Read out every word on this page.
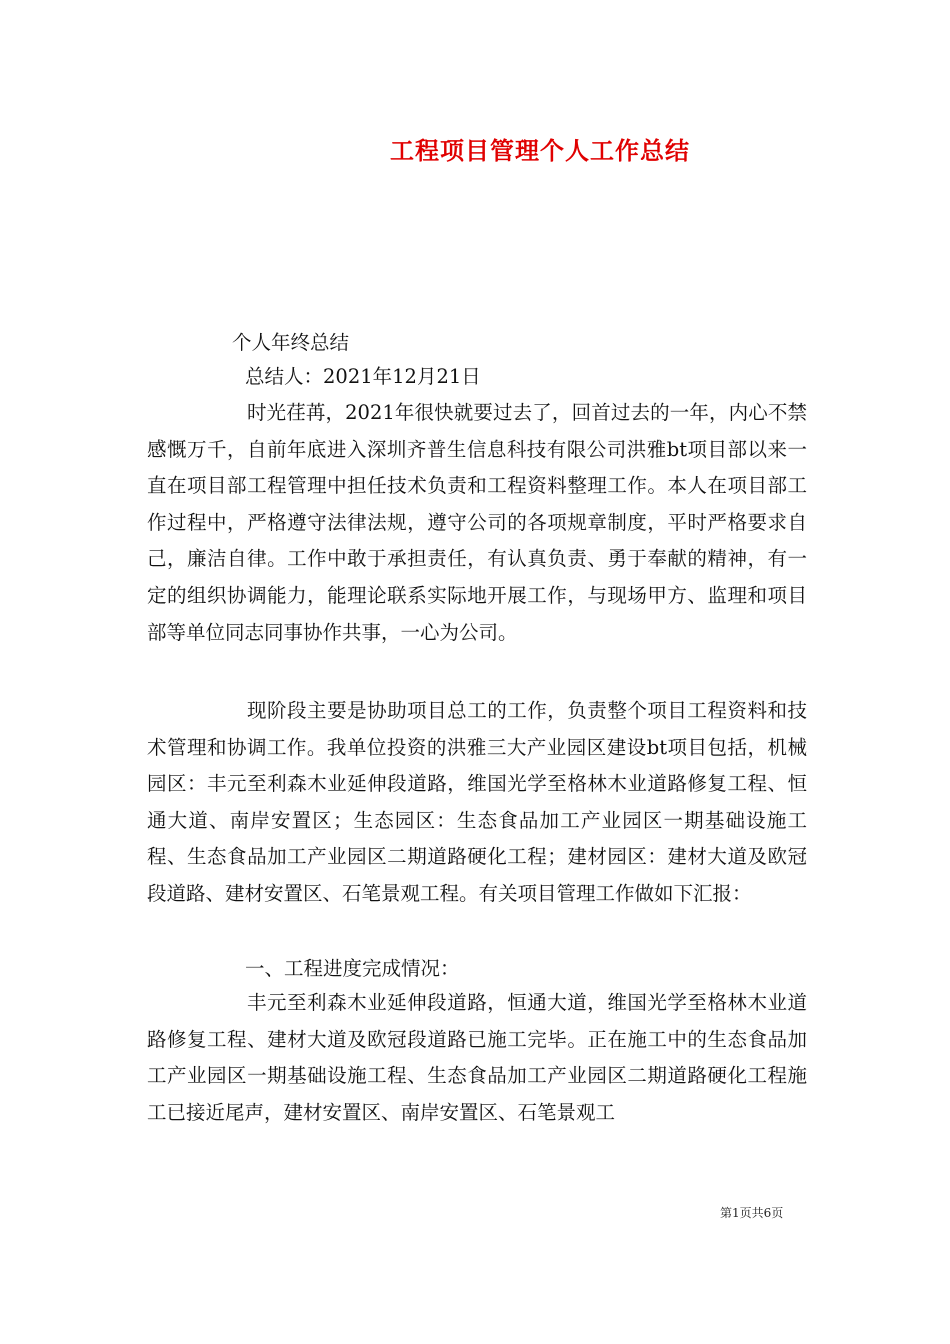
工程项目管理个人工作总结
个人年终总结
总结人：2021年12月21日
时光荏苒，2021年很快就要过去了，回首过去的一年，内心不禁感慨万千，自前年底进入深圳齐普生信息科技有限公司洪雅bt项目部以来一直在项目部工程管理中担任技术负责和工程资料整理工作。本人在项目部工作过程中，严格遵守法律法规，遵守公司的各项规章制度，平时严格要求自己，廉洁自律。工作中敢于承担责任，有认真负责、勇于奉献的精神，有一定的组织协调能力，能理论联系实际地开展工作，与现场甲方、监理和项目部等单位同志同事协作共事，一心为公司。
现阶段主要是协助项目总工的工作，负责整个项目工程资料和技术管理和协调工作。我单位投资的洪雅三大产业园区建设bt项目包括，机械园区：丰元至利森木业延伸段道路，维国光学至格林木业道路修复工程、恒通大道、南岸安置区；生态园区：生态食品加工产业园区一期基础设施工程、生态食品加工产业园区二期道路硬化工程；建材园区：建材大道及欧冠段道路、建材安置区、石笔景观工程。有关项目管理工作做如下汇报：
一、工程进度完成情况：
丰元至利森木业延伸段道路，恒通大道，维国光学至格林木业道路修复工程、建材大道及欧冠段道路已施工完毕。正在施工中的生态食品加工产业园区一期基础设施工程、生态食品加工产业园区二期道路硬化工程施工已接近尾声，建材安置区、南岸安置区、石笔景观工
第1页共6页
